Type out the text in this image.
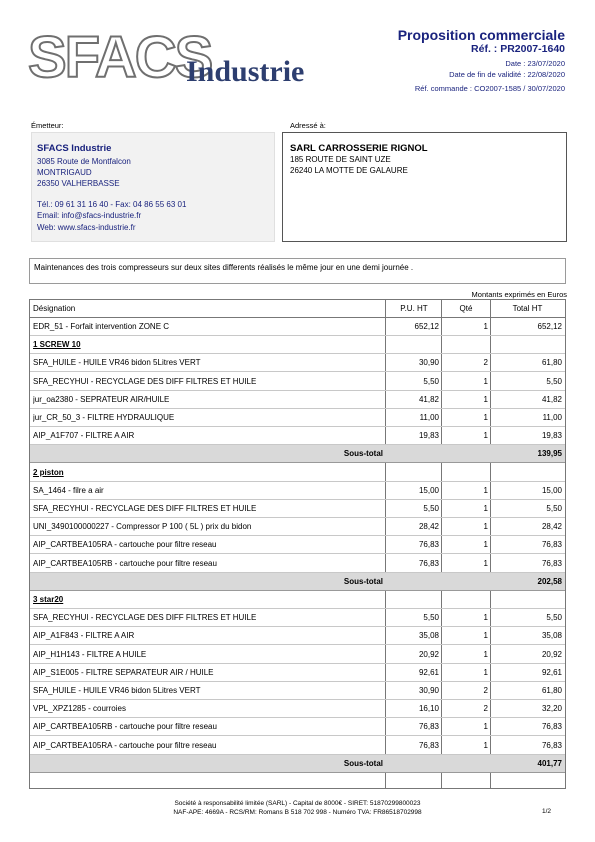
SFACS
Industrie
Proposition commerciale
Réf. : PR2007-1640
Date : 23/07/2020
Date de fin de validité : 22/08/2020
Réf. commande : CO2007-1585 / 30/07/2020
Émetteur:
SFACS Industrie
3085 Route de Montfalcon
MONTRIGAUD
26350 VALHERBASSE
Tél.: 09 61 31 16 40 - Fax: 04 86 55 63 01
Email: info@sfacs-industrie.fr
Web: www.sfacs-industrie.fr
Adressé à:
SARL CARROSSERIE RIGNOL
185 ROUTE DE SAINT UZE
26240 LA MOTTE DE GALAURE
Maintenances des trois compresseurs sur deux sites differents réalisés le même jour en une demi journée .
Montants exprimés en Euros
Désignation	P.U. HT	Qté	Total HT
EDR_51 - Forfait intervention ZONE C	652,12	1	652,12
1 SCREW 10
SFA_HUILE - HUILE VR46 bidon 5Litres VERT	30,90	2	61,80
SFA_RECYHUI - RECYCLAGE DES DIFF FILTRES ET HUILE	5,50	1	5,50
jur_oa2380 - SEPRATEUR AIR/HUILE	41,82	1	41,82
jur_CR_50_3 - FILTRE HYDRAULIQUE	11,00	1	11,00
AIP_A1F707 - FILTRE A AIR	19,83	1	19,83
Sous-total	139,95
2 piston
SA_1464 - filre a air	15,00	1	15,00
SFA_RECYHUI - RECYCLAGE DES DIFF FILTRES ET HUILE	5,50	1	5,50
UNI_3490100000227 - Compressor P 100 ( 5L ) prix du bidon	28,42	1	28,42
AIP_CARTBEA105RA - cartouche pour filtre reseau	76,83	1	76,83
AIP_CARTBEA105RB - cartouche pour filtre reseau	76,83	1	76,83
Sous-total	202,58
3 star20
SFA_RECYHUI - RECYCLAGE DES DIFF FILTRES ET HUILE	5,50	1	5,50
AIP_A1F843 - FILTRE A AIR	35,08	1	35,08
AIP_H1H143 - FILTRE A HUILE	20,92	1	20,92
AIP_S1E005 - FILTRE SEPARATEUR AIR / HUILE	92,61	1	92,61
SFA_HUILE - HUILE VR46 bidon 5Litres VERT	30,90	2	61,80
VPL_XPZ1285 - courroies	16,10	2	32,20
AIP_CARTBEA105RB - cartouche pour filtre reseau	76,83	1	76,83
AIP_CARTBEA105RA - cartouche pour filtre reseau	76,83	1	76,83
Sous-total	401,77
Société à responsabilité limitée (SARL) - Capital de 8000€ - SIRET: 51870299800023
NAF-APE: 4669A - RCS/RM: Romans B 518 702 998 - Numéro TVA: FR86518702998	1/2
